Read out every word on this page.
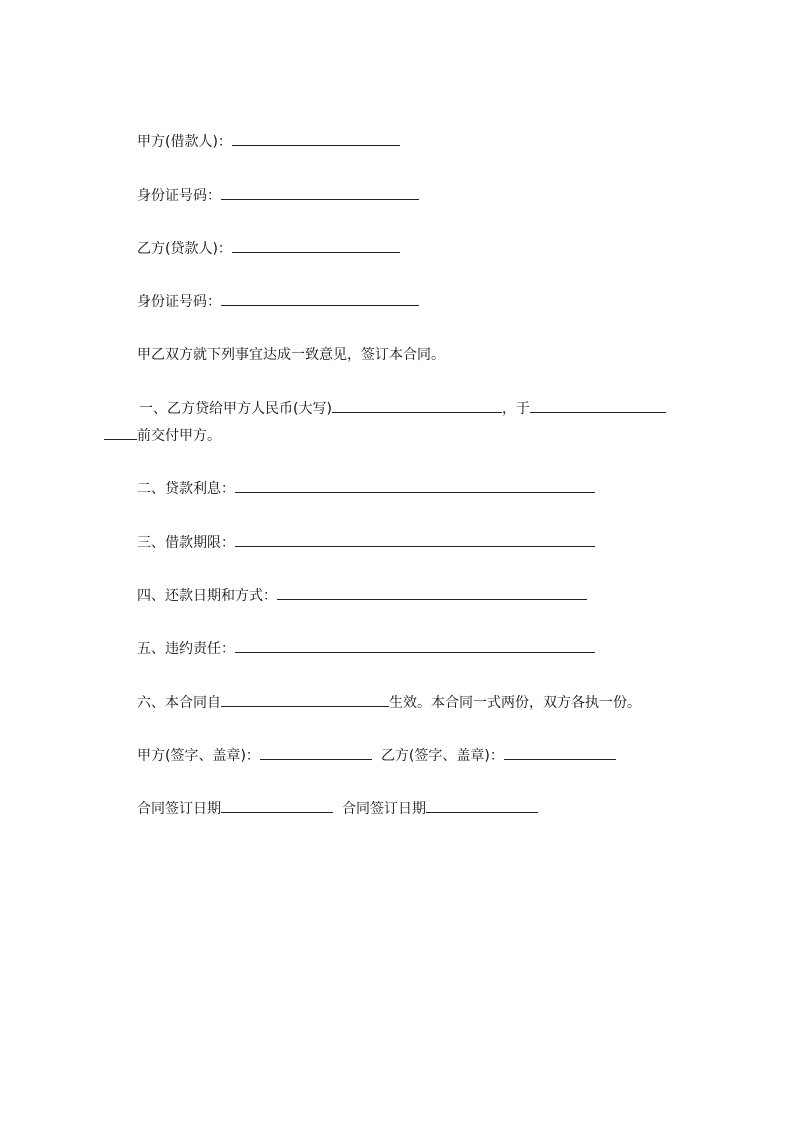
甲方(借款人)：
身份证号码：
乙方(贷款人)：
身份证号码：
甲乙双方就下列事宜达成一致意见，签订本合同。
一、乙方贷给甲方人民币(大写)	，于
前交付甲方。
二、贷款利息：
三、借款期限：
四、还款日期和方式：
五、违约责任：
六、本合同自	生效。本合同一式两份，双方各执一份。
甲方(签字、盖章)：	乙方(签字、盖章)：
合同签订日期	合同签订日期
